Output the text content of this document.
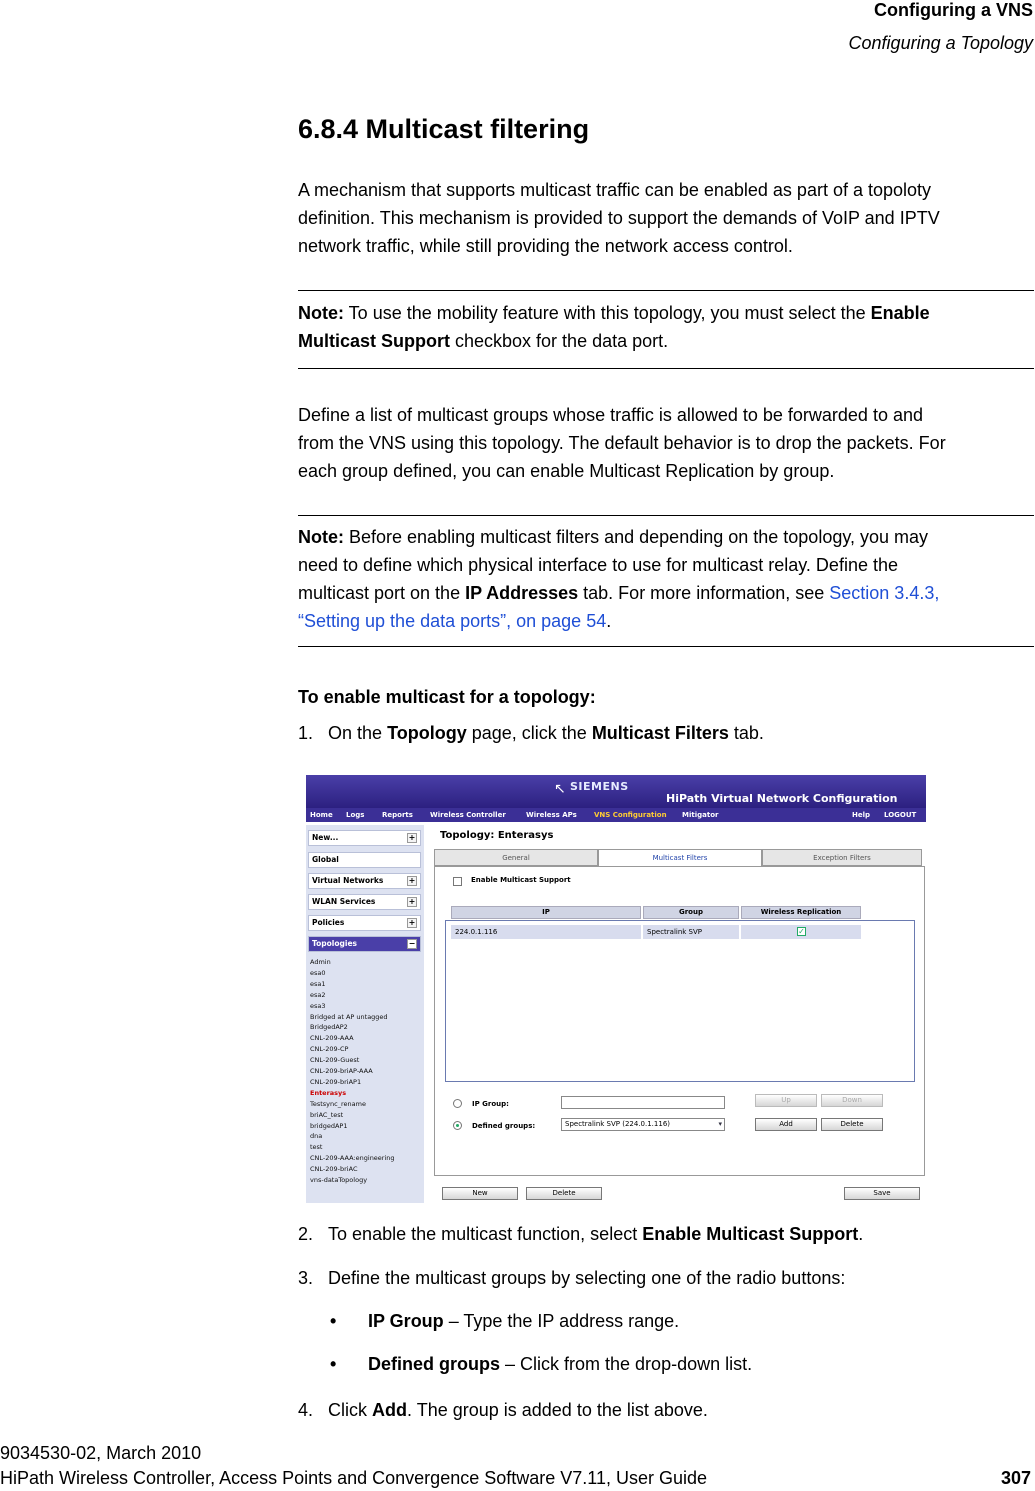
Configuring a VNS
Configuring a Topology
6.8.4 Multicast filtering
A mechanism that supports multicast traffic can be enabled as part of a topoloty
definition. This mechanism is provided to support the demands of VoIP and IPTV
network traffic, while still providing the network access control.
Note: To use the mobility feature with this topology, you must select the Enable
Multicast Support checkbox for the data port.
Define a list of multicast groups whose traffic is allowed to be forwarded to and
from the VNS using this topology. The default behavior is to drop the packets. For
each group defined, you can enable Multicast Replication by group.
Note: Before enabling multicast filters and depending on the topology, you may
need to define which physical interface to use for multicast relay. Define the
multicast port on the IP Addresses tab. For more information, see Section 3.4.3,
“Setting up the data ports”, on page 54.
To enable multicast for a topology:
1. On the Topology page, click the Multicast Filters tab.
↖ SIEMENS
HiPath Virtual Network Configuration
Home Logs	Reports Wireless Controller	Wireless APs VNS Configuration Mitigator	Help LOGOUT
New...	+
Global
Virtual Networks	+
WLAN Services	+
Policies	+
Topologies	−
Admin
esa0
esa1
esa2
esa3
Bridged at AP untagged
BridgedAP2
CNL-209-AAA
CNL-209-CP
CNL-209-Guest
CNL-209-briAP-AAA
CNL-209-briAP1
Enterasys
Testsync_rename
briAC_test
bridgedAP1
dna
test
CNL-209-AAA:engineering
CNL-209-briAC
vns-dataTopology
Topology: Enterasys
General	Multicast Filters	Exception Filters
Enable Multicast Support
IP	Group	Wireless Replication
224.0.1.116	Spectralink SVP	✓
IP Group:	Up	Down
Defined groups:	Spectralink SVP (224.0.1.116)	▾	Add	Delete
New	Delete	Save
2. To enable the multicast function, select Enable Multicast Support.
3. Define the multicast groups by selecting one of the radio buttons:
• IP Group – Type the IP address range.
• Defined groups – Click from the drop-down list.
4. Click Add. The group is added to the list above.
9034530-02, March 2010
HiPath Wireless Controller, Access Points and Convergence Software V7.11, User Guide	307
